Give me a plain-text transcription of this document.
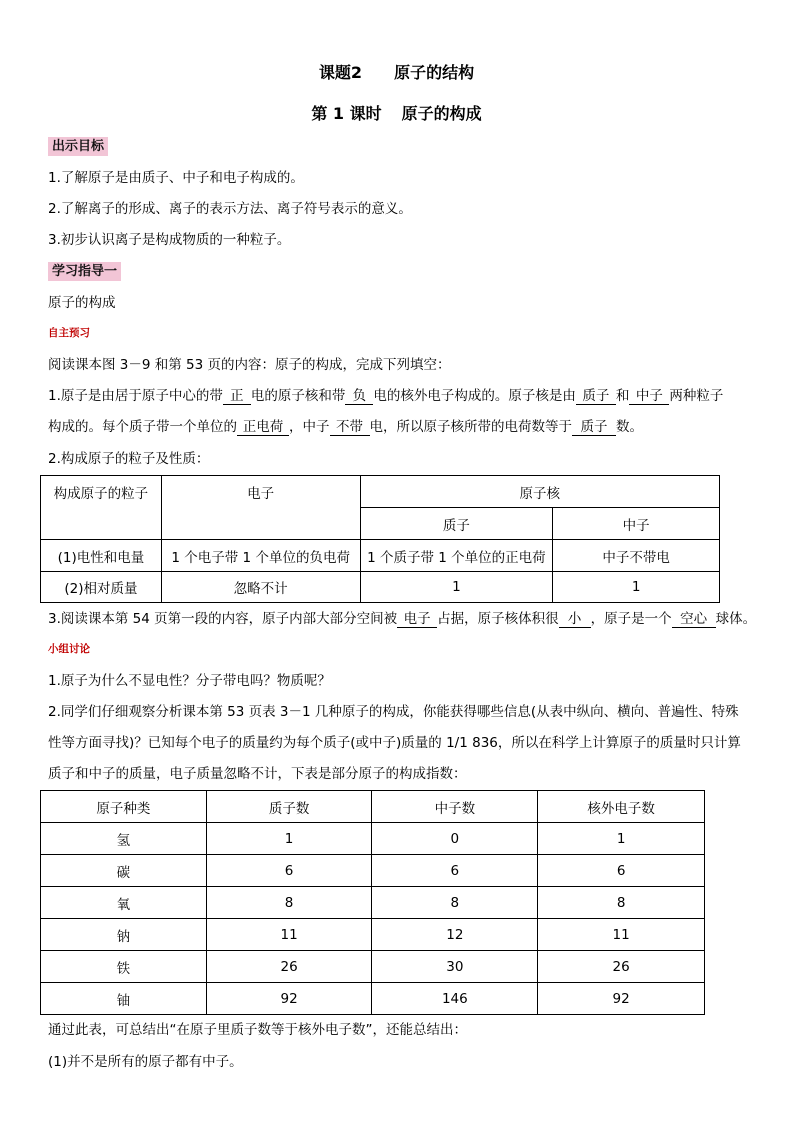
课题2 原子的结构
第 1 课时 原子的构成
出示目标
1.了解原子是由质子、中子和电子构成的。
2.了解离子的形成、离子的表示方法、离子符号表示的意义。
3.初步认识离子是构成物质的一种粒子。
学习指导一
原子的构成
自主预习
阅读课本图 3－9 和第 53 页的内容：原子的构成，完成下列填空：
1.原子是由居于原子中心的带 正 电的原子核和带 负 电的核外电子构成的。原子核是由 质子 和 中子 两种粒子
构成的。每个质子带一个单位的 正电荷 ，中子 不带 电，所以原子核所带的电荷数等于 质子 数。
2.构成原子的粒子及性质：
构成原子的粒子	电子	原子核	
		质子	中子
(1)电性和电量	1 个电子带 1 个单位的负电荷	1 个质子带 1 个单位的正电荷	中子不带电
(2)相对质量	忽略不计	1	1
3.阅读课本第 54 页第一段的内容，原子内部大部分空间被 电子 占据，原子核体积很 小 ，原子是一个 空心 球体。
小组讨论
1.原子为什么不显电性？分子带电吗？物质呢？
2.同学们仔细观察分析课本第 53 页表 3－1 几种原子的构成，你能获得哪些信息(从表中纵向、横向、普遍性、特殊
性等方面寻找)？已知每个电子的质量约为每个质子(或中子)质量的 1/1 836，所以在科学上计算原子的质量时只计算
质子和中子的质量，电子质量忽略不计，下表是部分原子的构成指数：
原子种类	质子数	中子数	核外电子数
氢	1	0	1
碳	6	6	6
氧	8	8	8
钠	11	12	11
铁	26	30	26
铀	92	146	92
通过此表，可总结出“在原子里质子数等于核外电子数”，还能总结出：
(1)并不是所有的原子都有中子。
